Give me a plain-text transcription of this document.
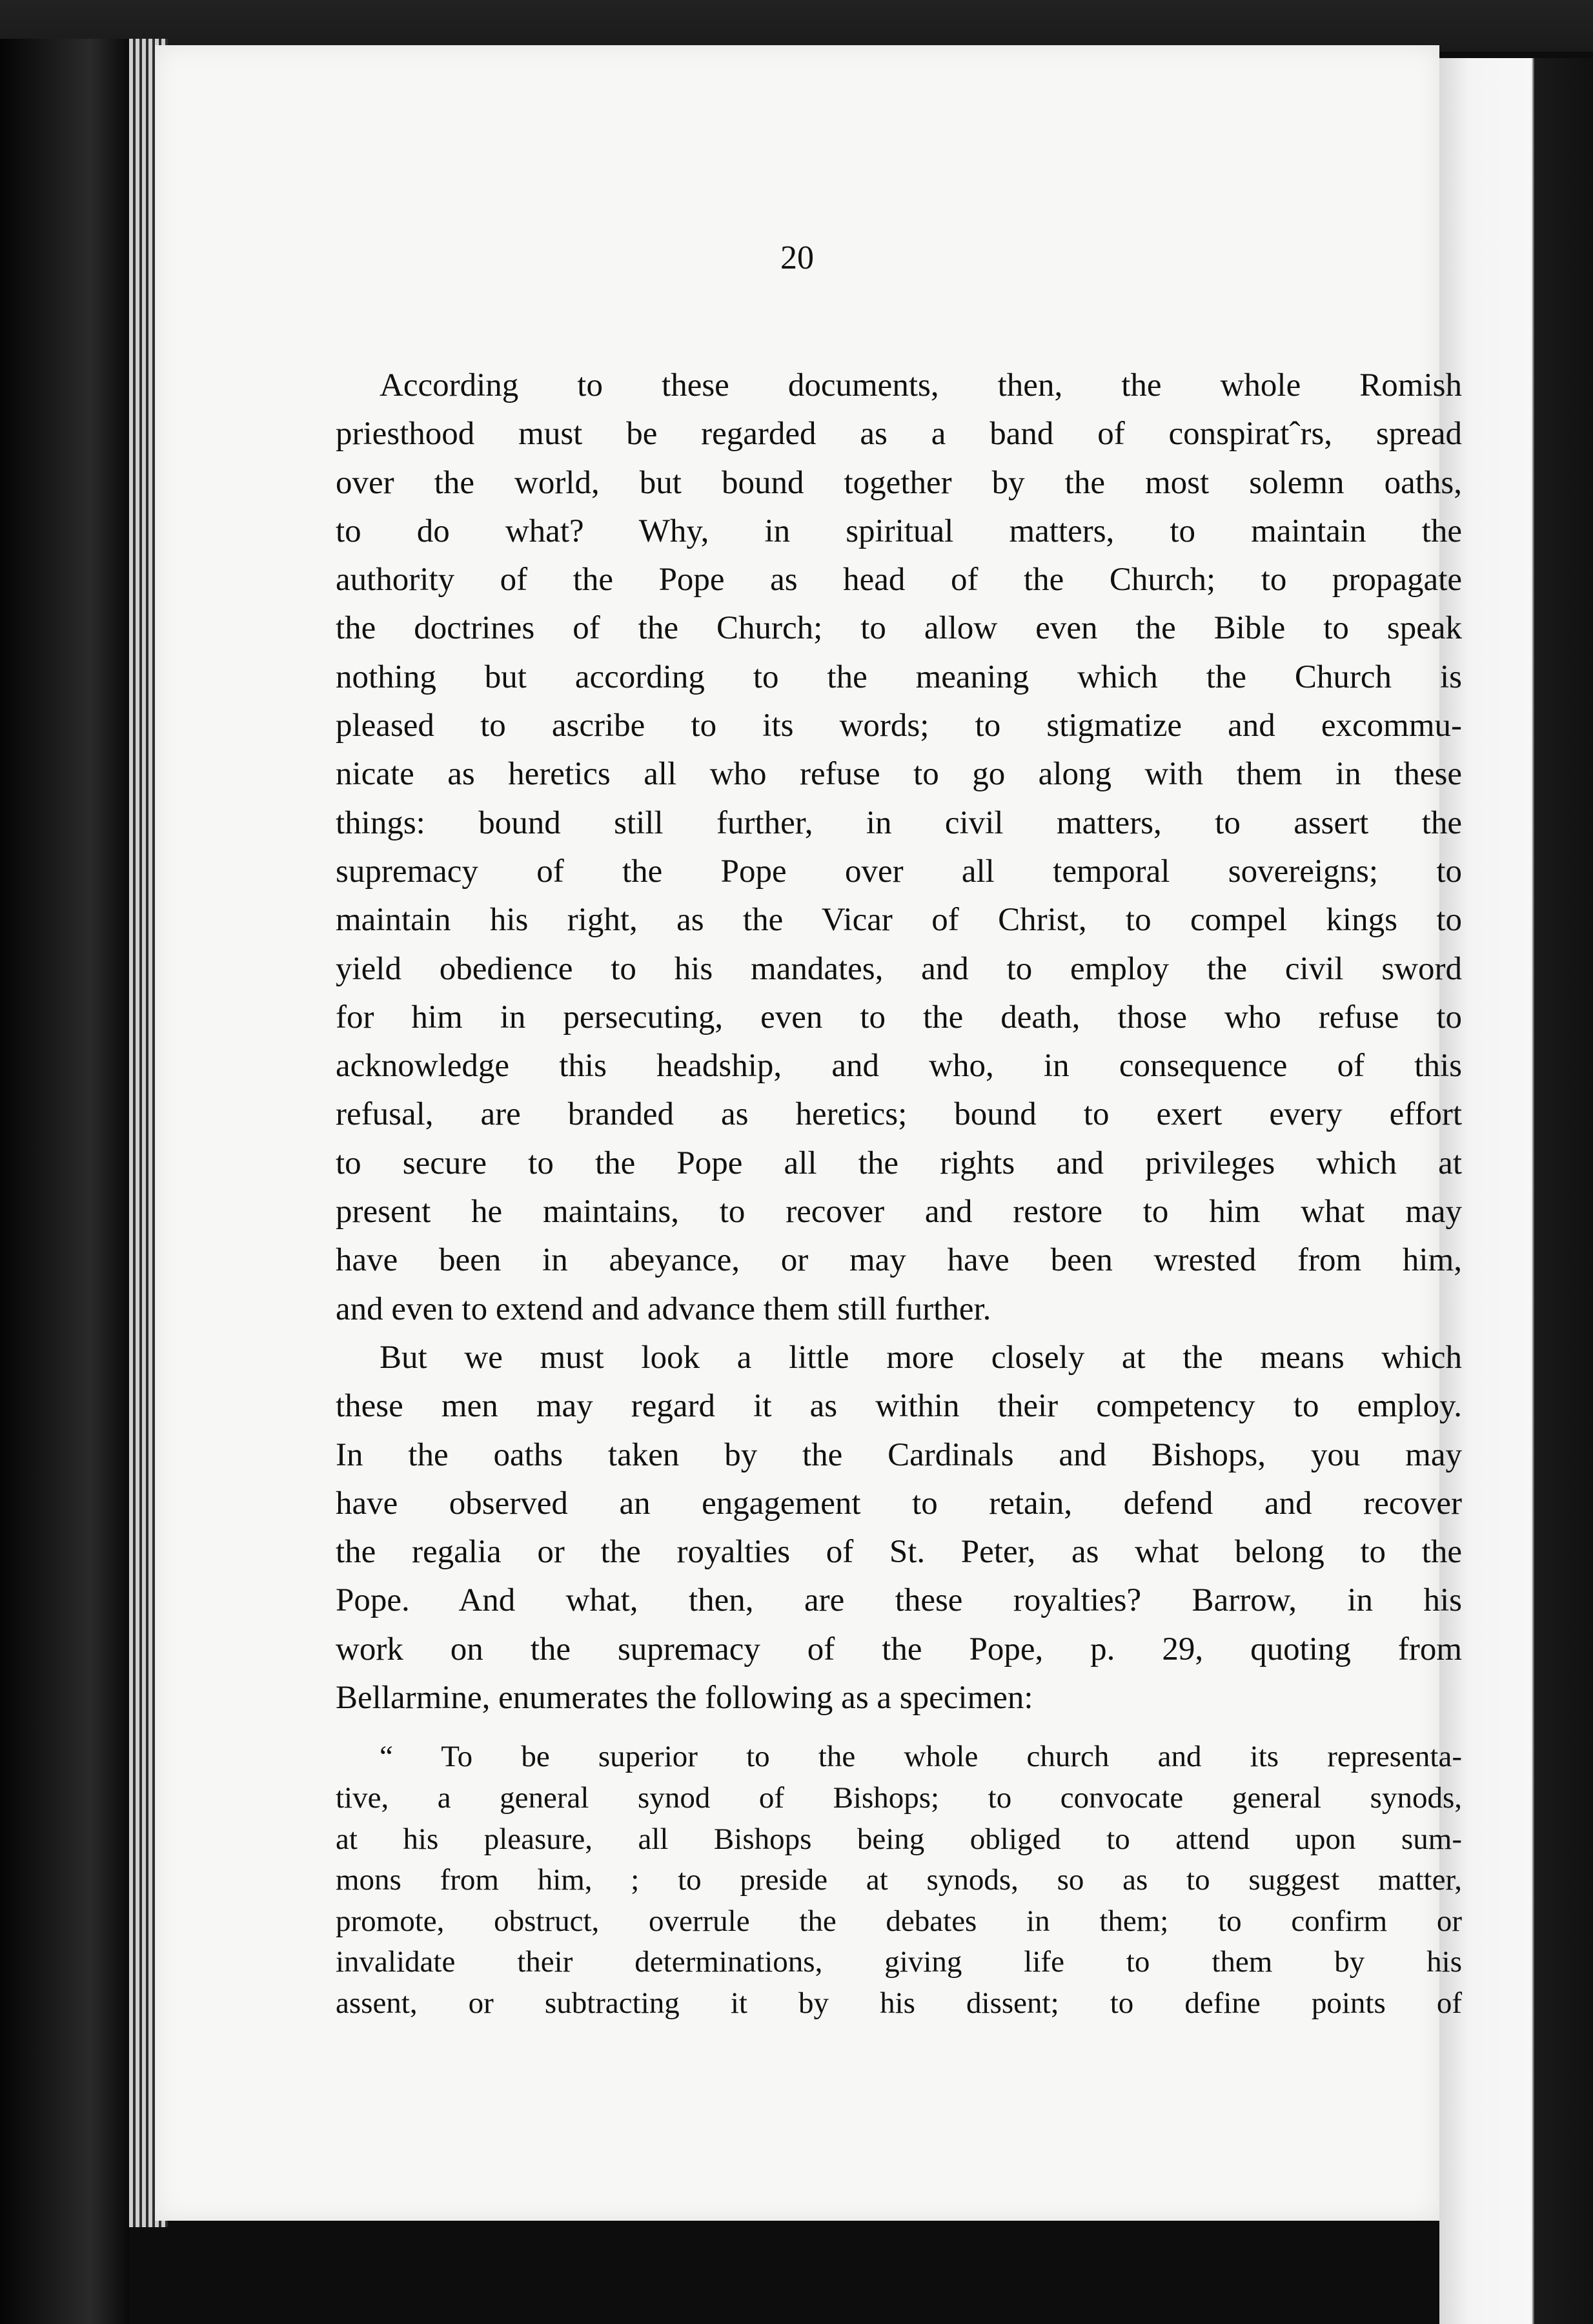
20
According to these documents, then, the whole Romish
priesthood must be regarded as a band of conspiratˆrs, spread
over the world, but bound together by the most solemn oaths,
to do what? Why, in spiritual matters, to maintain the
authority of the Pope as head of the Church; to propagate
the doctrines of the Church; to allow even the Bible to speak
nothing but according to the meaning which the Church is
pleased to ascribe to its words; to stigmatize and excommu-
nicate as heretics all who refuse to go along with them in these
things: bound still further, in civil matters, to assert the
supremacy of the Pope over all temporal sovereigns; to
maintain his right, as the Vicar of Christ, to compel kings to
yield obedience to his mandates, and to employ the civil sword
for him in persecuting, even to the death, those who refuse to
acknowledge this headship, and who, in consequence of this
refusal, are branded as heretics; bound to exert every effort
to secure to the Pope all the rights and privileges which at
present he maintains, to recover and restore to him what may
have been in abeyance, or may have been wrested from him,
and even to extend and advance them still further.
But we must look a little more closely at the means which
these men may regard it as within their competency to employ.
In the oaths taken by the Cardinals and Bishops, you may
have observed an engagement to retain, defend and recover
the regalia or the royalties of St. Peter, as what belong to the
Pope. And what, then, are these royalties? Barrow, in his
work on the supremacy of the Pope, p. 29, quoting from
Bellarmine, enumerates the following as a specimen:
“ To be superior to the whole church and its representa-
tive, a general synod of Bishops; to convocate general synods,
at his pleasure, all Bishops being obliged to attend upon sum-
mons from him, ; to preside at synods, so as to suggest matter,
promote, obstruct, overrule the debates in them; to confirm or
invalidate their determinations, giving life to them by his
assent, or subtracting it by his dissent; to define points of
